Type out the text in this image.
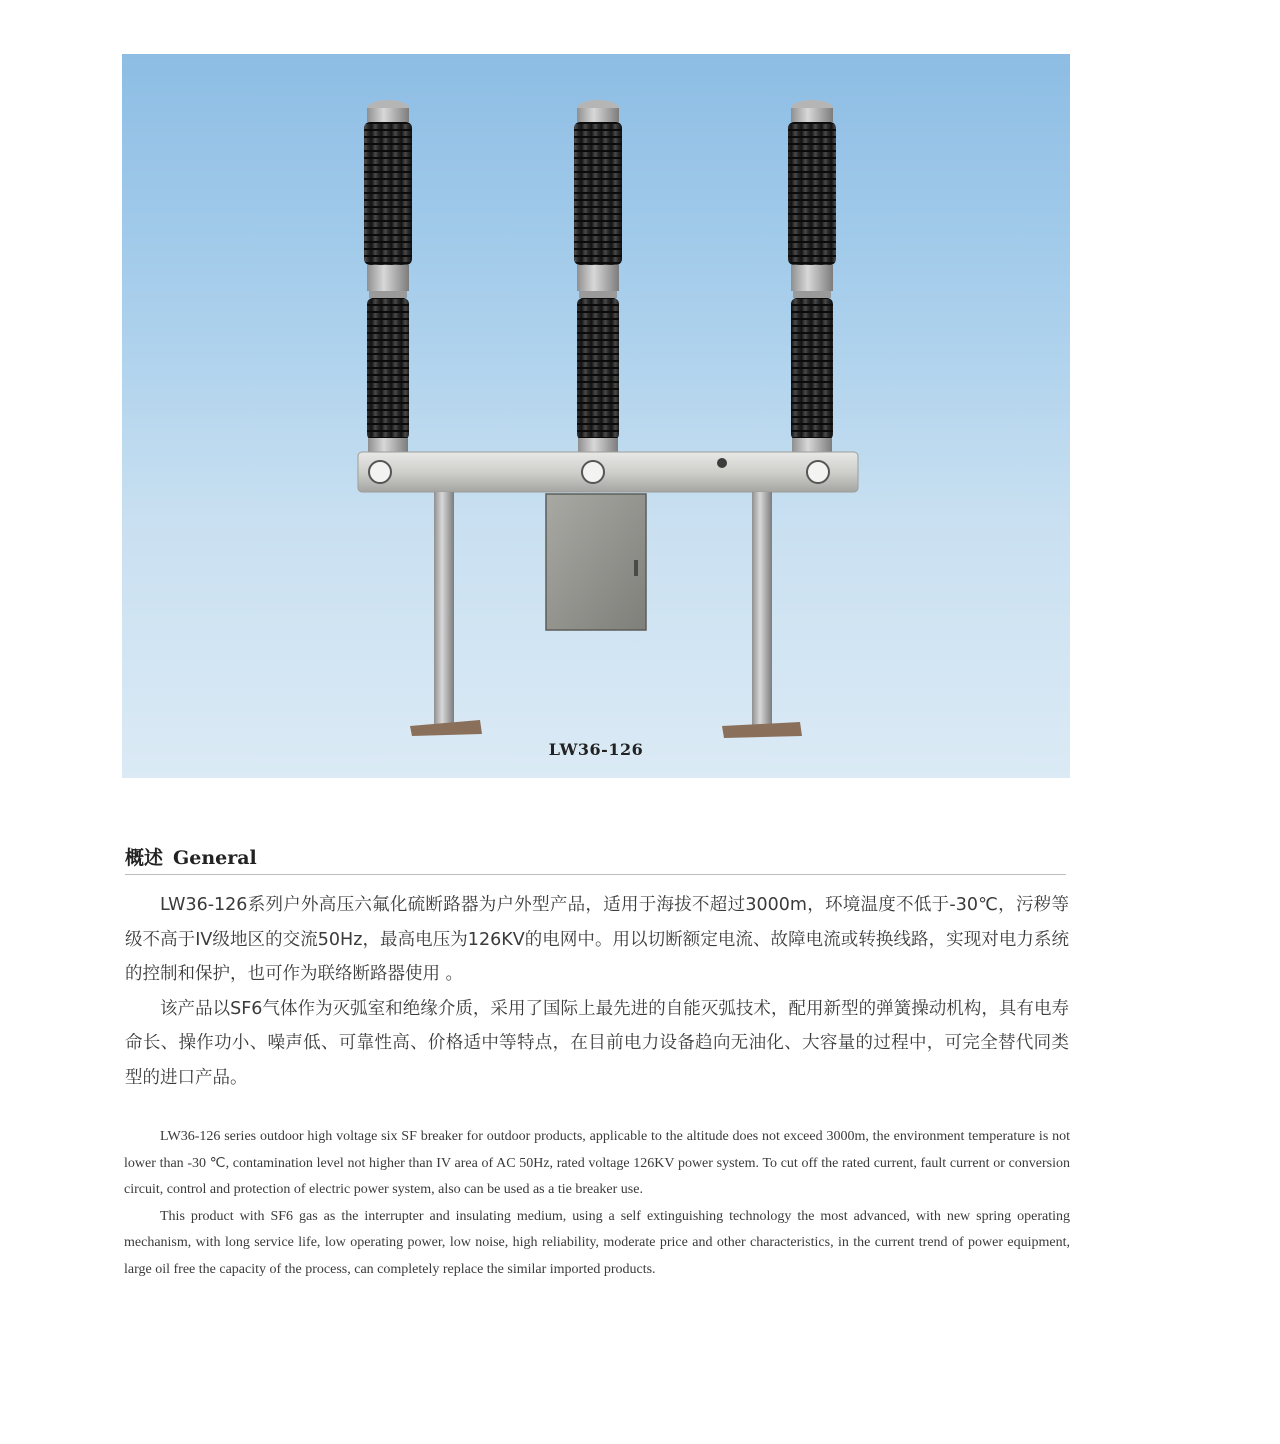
LW36-126
概述 General

LW36-126系列户外高压六氟化硫断路器为户外型产品，适用于海拔不超过3000m，环境温度不低于-30℃，污秽等级不高于IV级地区的交流50Hz，最高电压为126KV的电网中。用以切断额定电流、故障电流或转换线路，实现对电力系统的控制和保护，也可作为联络断路器使用 。

该产品以SF6气体作为灭弧室和绝缘介质，采用了国际上最先进的自能灭弧技术，配用新型的弹簧操动机构，具有电寿命长、操作功小、噪声低、可靠性高、价格适中等特点，在目前电力设备趋向无油化、大容量的过程中，可完全替代同类型的进口产品。

LW36-126 series outdoor high voltage six SF breaker for outdoor products, applicable to the altitude does not exceed 3000m, the environment temperature is not lower than -30 ℃, contamination level not higher than IV area of AC 50Hz, rated voltage 126KV power system. To cut off the rated current, fault current or conversion circuit, control and protection of electric power system, also can be used as a tie breaker use.

This product with SF6 gas as the interrupter and insulating medium, using a self extinguishing technology the most advanced, with new spring operating mechanism, with long service life, low operating power, low noise, high reliability, moderate price and other characteristics, in the current trend of power equipment, large oil free the capacity of the process, can completely replace the similar imported products.
